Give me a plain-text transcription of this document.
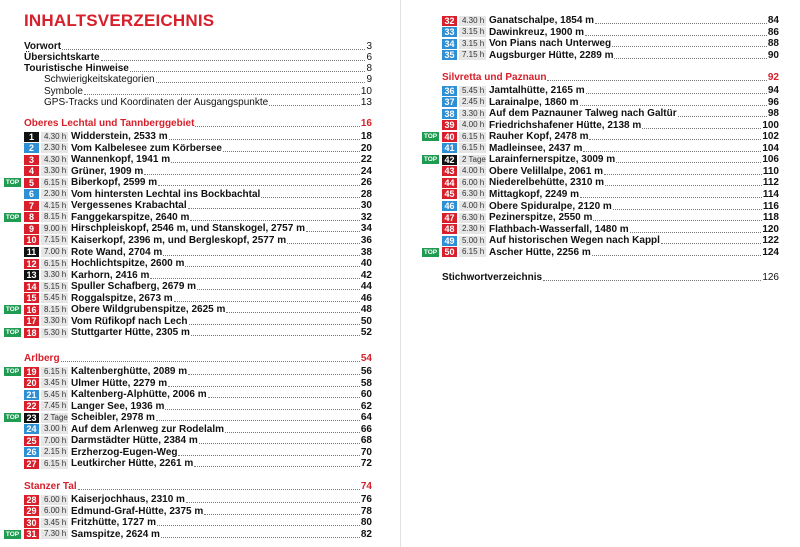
INHALTSVERZEICHNIS
Vorwort	3
Übersichtskarte	6
Touristische Hinweise	8
Schwierigkeitskategorien	9
Symbole	10
GPS-Tracks und Koordinaten der Ausgangspunkte	13
Oberes Lechtal und Tannberggebiet	16
1	4.30 h Widderstein, 2533 m	18
2	2.30 h Vom Kalbelesee zum Körbersee	20
3	4.30 h Wannenkopf, 1941 m	22
4	3.30 h Grüner, 1909 m	24
5	6.15 h Biberkopf, 2599 m	26
TOP
6	2.30 h Vom hintersten Lechtal ins Bockbachtal	28
7	4.15 h Vergessenes Krabachtal	30
8	8.15 h Fanggekarspitze, 2640 m	32
TOP
9	9.00 h Hirschpleiskopf, 2546 m, und Stanskogel, 2757 m	34
10 7.15 h Kaiserkopf, 2396 m, und Bergleskopf, 2577 m	36
11 7.00 h Rote Wand, 2704 m	38
12 6.15 h Hochlichtspitze, 2600 m	40
13 3.30 h Karhorn, 2416 m	42
14 5.15 h Spuller Schafberg, 2679 m	44
15 5.45 h Roggalspitze, 2673 m	46
16 8.15 h Obere Wildgrubenspitze, 2625 m	48
TOP
17 3.30 h Vom Rüfikopf nach Lech	50
18 5.30 h Stuttgarter Hütte, 2305 m	52
TOP
Arlberg	54
19 6.15 h Kaltenberghütte, 2089 m	56
TOP
20 3.45 h Ulmer Hütte, 2279 m	58
21 5.45 h Kaltenberg-Alphütte, 2006 m	60
22 7.45 h Langer See, 1936 m	62
23 2 Tage Scheibler, 2978 m	64
TOP
24 3.00 h Auf dem Arlenweg zur Rodelalm	66
25 7.00 h Darmstädter Hütte, 2384 m	68
26 2.15 h Erzherzog-Eugen-Weg	70
27 6.15 h Leutkircher Hütte, 2261 m	72
Stanzer Tal	74
28 6.00 h Kaiserjochhaus, 2310 m	76
29 6.00 h Edmund-Graf-Hütte, 2375 m	78
30 3.45 h Fritzhütte, 1727 m	80
31 7.30 h Samspitze, 2624 m	82
TOP
32 4.30 h Ganatschalpe, 1854 m	84
33 3.15 h Dawinkreuz, 1900 m	86
34 3.15 h Von Pians nach Unterweg	88
35 7.15 h Augsburger Hütte, 2289 m	90
Silvretta und Paznaun	92
36 5.45 h Jamtalhütte, 2165 m	94
37 2.45 h Larainalpe, 1860 m	96
38 3.30 h Auf dem Paznauner Talweg nach Galtür	98
39 4.00 h Friedrichshafener Hütte, 2138 m	100
40 6.15 h Rauher Kopf, 2478 m	102
TOP
41 6.15 h Madleinsee, 2437 m	104
42 2 Tage Larainfernerspitze, 3009 m	106
TOP
43 4.00 h Obere Velillalpe, 2061 m	110
44 6.00 h Niederelbehütte, 2310 m	112
45 6.30 h Mittagkopf, 2249 m	114
46 4.00 h Obere Spiduralpe, 2120 m	116
47 6.30 h Pezinerspitze, 2550 m	118
48 2.30 h Flathbach-Wasserfall, 1480 m	120
49 5.00 h Auf historischen Wegen nach Kappl	122
50 6.15 h Ascher Hütte, 2256 m	124
TOP
Stichwortverzeichnis	126
